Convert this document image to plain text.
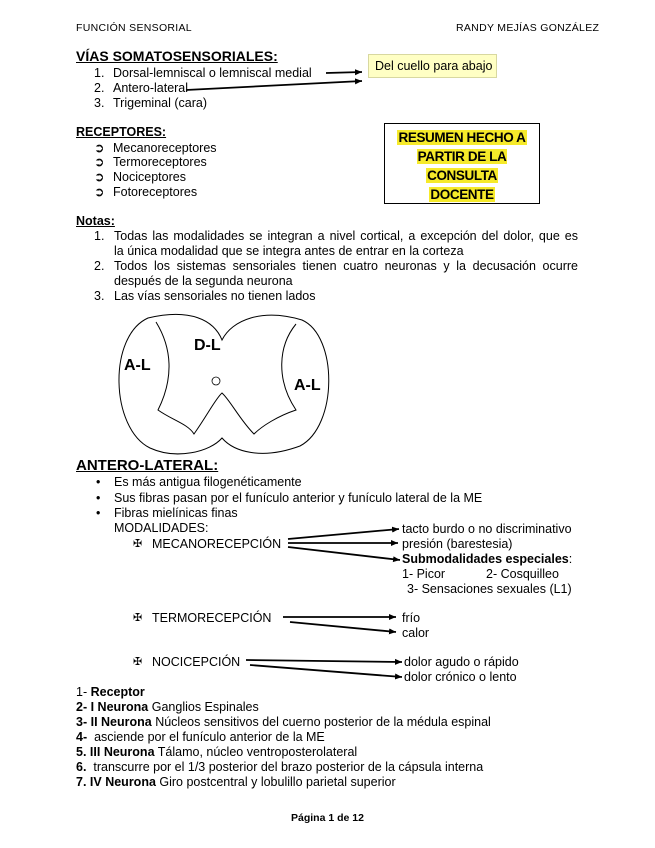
FUNCIÓN SENSORIAL	RANDY MEJÍAS GONZÁLEZ
VÍAS SOMATOSENSORIALES:
1. Dorsal-lemniscal o lemniscal medial
2. Antero-lateral
3. Trigeminal (cara)
Del cuello para abajo
RECEPTORES:
➲ Mecanoreceptores
➲ Termoreceptores
➲ Nociceptores
➲ Fotoreceptores
RESUMEN HECHO A
PARTIR DE LA
CONSULTA
DOCENTE
Notas:
1. Todas las modalidades se integran a nivel cortical, a excepción del dolor, que es
la única modalidad que se integra antes de entrar en la corteza
2. Todos los sistemas sensoriales tienen cuatro neuronas y la decusación ocurre
después de la segunda neurona
3. Las vías sensoriales no tienen lados
A-L
D-L
A-L
ANTERO-LATERAL:
• Es más antigua filogenéticamente
• Sus fibras pasan por el funículo anterior y funículo lateral de la ME
• Fibras mielínicas finas
MODALIDADES:
✠ MECANORECEPCIÓN
tacto burdo o no discriminativo
presión (barestesia)
Submodalidades especiales:
1- Picor	2- Cosquilleo
3- Sensaciones sexuales (L1)
✠ TERMORECEPCIÓN	frío
calor
✠ NOCICEPCIÓN	dolor agudo o rápido
dolor crónico o lento
1- Receptor
2- I Neurona Ganglios Espinales
3- II Neurona Núcleos sensitivos del cuerno posterior de la médula espinal
4- asciende por el funículo anterior de la ME
5. III Neurona Tálamo, núcleo ventroposterolateral
6. transcurre por el 1/3 posterior del brazo posterior de la cápsula interna
7. IV Neurona Giro postcentral y lobulillo parietal superior
Página 1 de 12
